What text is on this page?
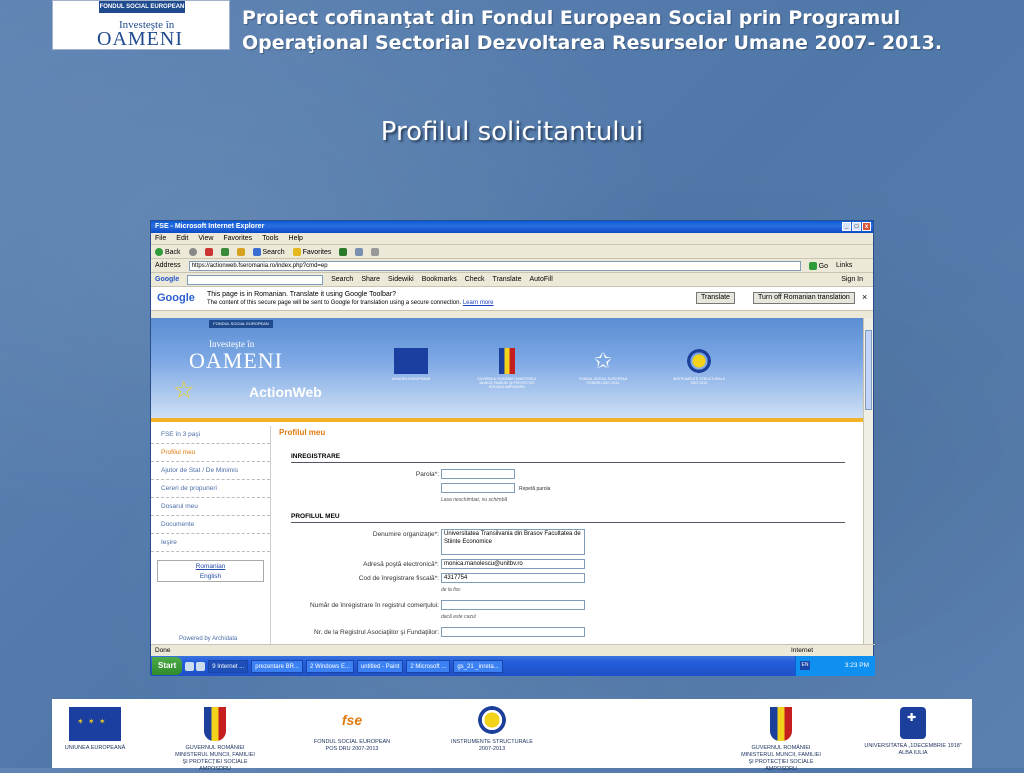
FONDUL SOCIAL EUROPEAN
Investeşte în
OAMENI
Proiect cofinanţat din Fondul European Social prin Programul
Operaţional Sectorial Dezvoltarea Resurselor Umane 2007- 2013.
Profilul solicitantului
FSE - Microsoft Internet Explorer	_	□	x
File Edit View Favorites Tools Help
Back	Search	Favorites
Address	https://actionweb.fseromania.ro/index.php?cmd=ep	Go Links
Google	Search Share Sidewiki Bookmarks Check Translate AutoFill	Sign In
Google This page is in Romanian. Translate it using Google Toolbar?
The content of this secure page will be sent to Google for translation using a secure connection. Learn more
Translate	Turn off Romanian translation	×
FONDUL SOCIAL EUROPEAN
Investeşte în
OAMENI
☆	ActionWeb
UNIUNEA EUROPEANĂ	GUVERNUL ROMÂNIEI MINISTERUL MUNCII, FAMILIEI ŞI PROTECŢIEI SOCIALE AMPOSDRU
✩
FONDUL SOCIAL EUROPEAN POSDRU 2007-2013
INSTRUMENTE STRUCTURALE 2007-2013
FSE în 3 paşi
Profilul meu
Ajutor de Stat / De Minimis
Cereri de propuneri
Dosarul meu
Documente
Ieşire
Romanian
English
Powered by Archidata
Profilul meu
INREGISTRARE
Parola*:
Repetă parola
Lasa neschimbat, nu schimbă
PROFILUL MEU
Denumire organizaţie*: Universitatea Transilvania din Brasov Facultatea de Stiinte Economice
Adresă poştă electronică*: monica.manolescu@unitbv.ro
Cod de înregistrare fiscală*: 4317754
de la fisc
Număr de înregistrare în registrul comerţului:
dacă este cazul
Nr. de la Registrul Asociaţiilor şi Fundaţiilor:
Done	Internet
Start	9 Internet ...	prezentare BR...	2 Windows E...	untitled - Paint	2 Microsoft ...	gs_21 _inreta...	EN	3:23 PM
✶ ✶ ✶
UNIUNEA EUROPEANĂ	GUVERNUL ROMÂNIEI
MINISTERUL MUNCII, FAMILIEI
ŞI PROTECŢIEI SOCIALE
AMPOSDRU
fse
FONDUL SOCIAL EUROPEAN
POS DRU 2007-2013
INSTRUMENTE STRUCTURALE
2007-2013	GUVERNUL ROMÂNIEI
MINISTERUL MUNCII, FAMILIEI
ŞI PROTECŢIEI SOCIALE
AMPOSDRU
✚
UNIVERSITATEA „1DECEMBRIE 1918”
ALBA IULIA
